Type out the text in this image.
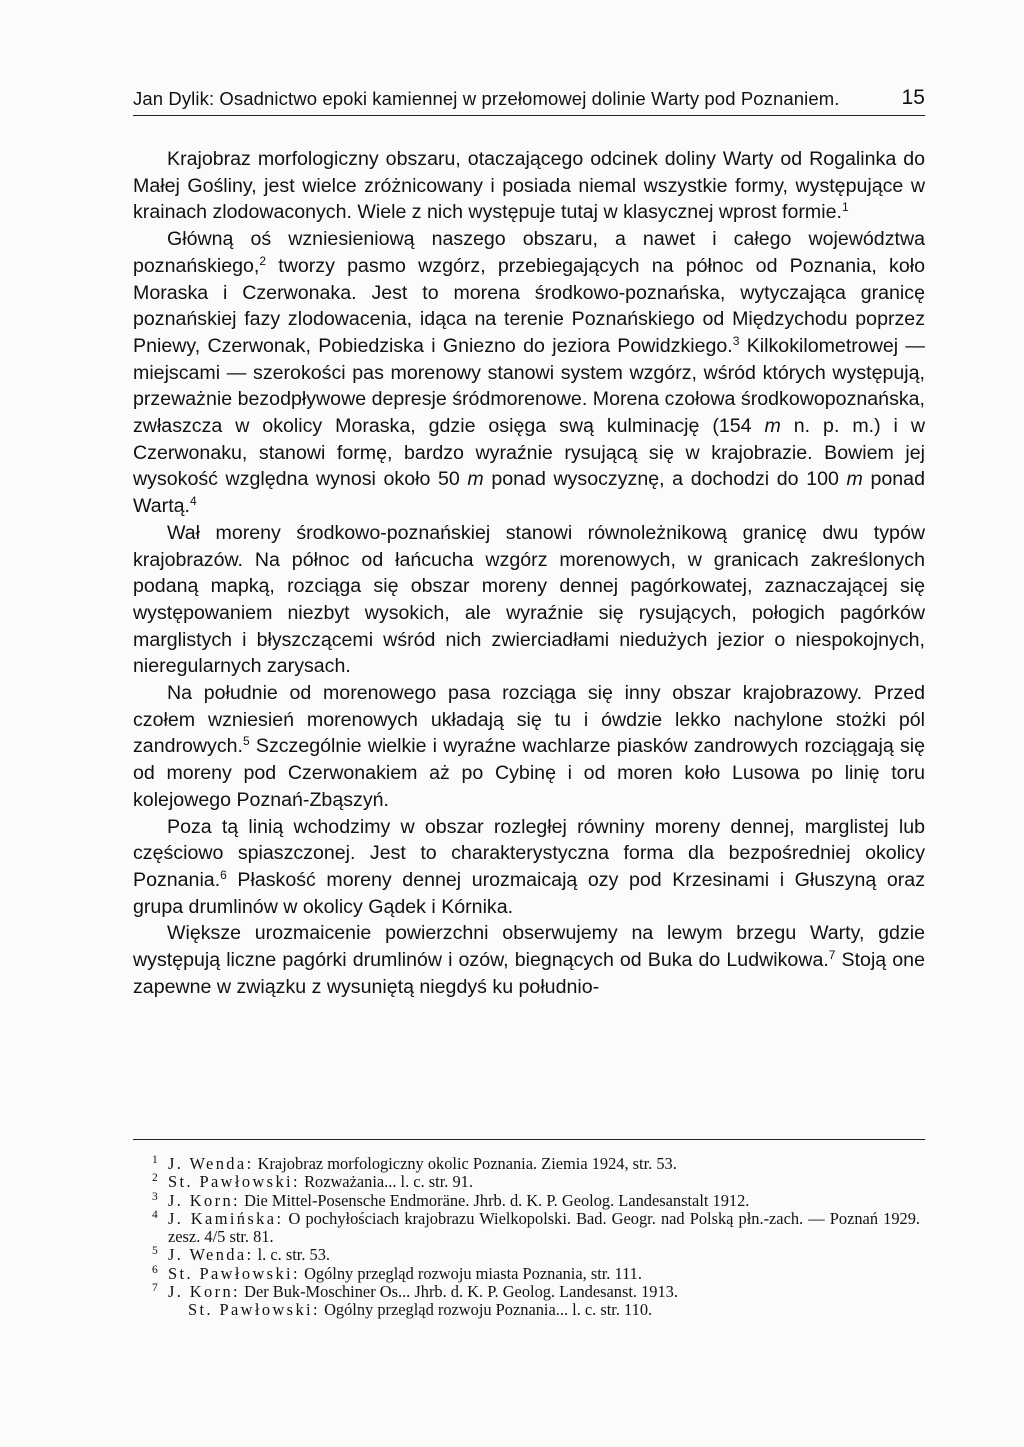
Jan Dylik: Osadnictwo epoki kamiennej w przełomowej dolinie Warty pod Poznaniem.	15

Krajobraz morfologiczny obszaru, otaczającego odcinek doliny Warty od Rogalinka do Małej Gośliny, jest wielce zróżnicowany i posiada niemal wszystkie formy, występujące w krainach zlodowaconych. Wiele z nich występuje tutaj w klasycznej wprost formie.$^1$

Główną oś wzniesieniową naszego obszaru, a nawet i całego województwa poznańskiego,$^2$ tworzy pasmo wzgórz, przebiegających na północ od Poznania, koło Moraska i Czerwonaka. Jest to morena środkowo-poznańska, wytyczająca granicę poznańskiej fazy zlodowacenia, idąca na terenie Poznańskiego od Międzychodu poprzez Pniewy, Czerwonak, Pobiedziska i Gniezno do jeziora Powidzkiego.$^3$ Kilkokilometrowej — miejscami — szerokości pas morenowy stanowi system wzgórz, wśród których występują, przeważnie bezodpływowe depresje śródmorenowe. Morena czołowa środkowopoznańska, zwłaszcza w okolicy Moraska, gdzie osięga swą kulminację (154 m n. p. m.) i w Czerwonaku, stanowi formę, bardzo wyraźnie rysującą się w krajobrazie. Bowiem jej wysokość względna wynosi około 50 m ponad wysoczyznę, a dochodzi do 100 m ponad Wartą.$^4$

Wał moreny środkowo-poznańskiej stanowi równoleżnikową granicę dwu typów krajobrazów. Na północ od łańcucha wzgórz morenowych, w granicach zakreślonych podaną mapką, rozciąga się obszar moreny dennej pagórkowatej, zaznaczającej się występowaniem niezbyt wysokich, ale wyraźnie się rysujących, połogich pagórków marglistych i błyszczącemi wśród nich zwierciadłami niedużych jezior o niespokojnych, nieregularnych zarysach.

Na południe od morenowego pasa rozciąga się inny obszar krajobrazowy. Przed czołem wzniesień morenowych układają się tu i ówdzie lekko nachylone stożki pól zandrowych.$^5$ Szczególnie wielkie i wyraźne wachlarze piasków zandrowych rozciągają się od moreny pod Czerwonakiem aż po Cybinę i od moren koło Lusowa po linię toru kolejowego Poznań-Zbąszyń.

Poza tą linią wchodzimy w obszar rozległej równiny moreny dennej, marglistej lub częściowo spiaszczonej. Jest to charakterystyczna forma dla bezpośredniej okolicy Poznania.$^6$ Płaskość moreny dennej urozmaicają ozy pod Krzesinami i Głuszyną oraz grupa drumlinów w okolicy Gądek i Kórnika.

Większe urozmaicenie powierzchni obserwujemy na lewym brzegu Warty, gdzie występują liczne pagórki drumlinów i ozów, biegnących od Buka do Ludwikowa.$^7$ Stoją one zapewne w związku z wysuniętą niegdyś ku południo-

1 J. Wenda: Krajobraz morfologiczny okolic Poznania. Ziemia 1924, str. 53.
2 St. Pawłowski: Rozważania... l. c. str. 91.
3 J. Korn: Die Mittel-Posensche Endmoräne. Jhrb. d. K. P. Geolog. Landesanstalt 1912.
4 J. Kamińska: O pochyłościach krajobrazu Wielkopolski. Bad. Geogr. nad Polską płn.-zach. — Poznań 1929. zesz. 4/5 str. 81.
5 J. Wenda: l. c. str. 53.
6 St. Pawłowski: Ogólny przegląd rozwoju miasta Poznania, str. 111.
7 J. Korn: Der Buk-Moschiner Os... Jhrb. d. K. P. Geolog. Landesanst. 1913.
St. Pawłowski: Ogólny przegląd rozwoju Poznania... l. c. str. 110.
